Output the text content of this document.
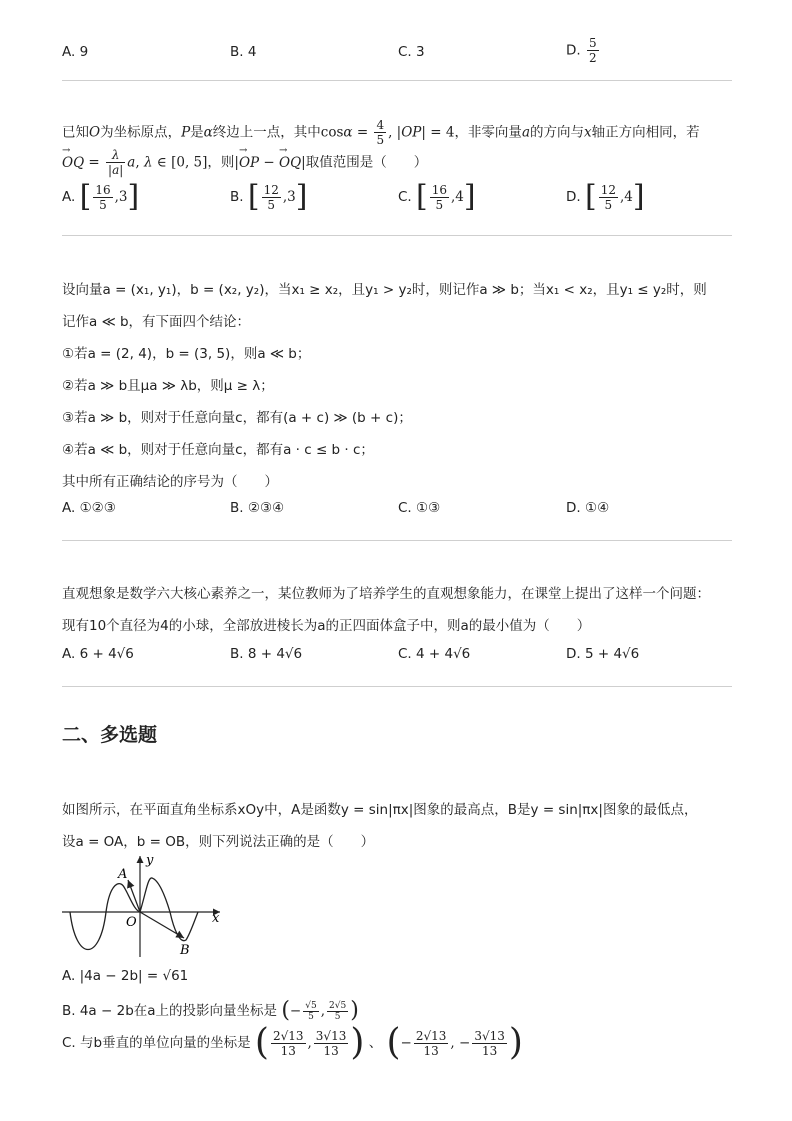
A. 9	B. 4	C. 3	D. $\frac{5}{2}$
已知O为坐标原点，P是α终边上一点，其中$\cos\alpha = \frac{4}{5}$ , |OP| = 4，非零向量a的方向与x轴正方向相同，若
→ OQ = $\frac{\lambda}{|a|} a$, λ ∈ [0, 5]，则|→ OP − → OQ|取值范围是（　　）
A. [ $\frac{16}{5} ,3$]	B. [ $\frac{12}{5} ,3$]	C. [ $\frac{16}{5} ,4$]	D. [ $\frac{12}{5} ,4$]
设向量a = (x₁, y₁)，b = (x₂, y₂)，当x₁ ≥ x₂，且y₁ > y₂时，则记作a ≫ b；当x₁ < x₂，且y₁ ≤ y₂时，则
记作a ≪ b，有下面四个结论：
①若a = (2, 4)，b = (3, 5)，则a ≪ b；
②若a ≫ b且μa ≫ λb，则μ ≥ λ；
③若a ≫ b，则对于任意向量c，都有(a + c) ≫ (b + c)；
④若a ≪ b，则对于任意向量c，都有a · c ≤ b · c；
其中所有正确结论的序号为（　　）
A. ①②③	B. ②③④	C. ①③	D. ①④
直观想象是数学六大核心素养之一，某位教师为了培养学生的直观想象能力，在课堂上提出了这样一个问题：
现有10个直径为4的小球，全部放进棱长为a的正四面体盒子中，则a的最小值为（　　）
A. 6 + 4√6	B. 8 + 4√6	C. 4 + 4√6	D. 5 + 4√6
二、多选题
如图所示，在平面直角坐标系xOy中，A是函数y = sin|πx|图象的最高点，B是y = sin|πx|图象的最低点，
设a = OA，b = OB，则下列说法正确的是（　　）
A
B
O	x
y
A. |4a − 2b| = √61
B. 4a − 2b在a上的投影向量坐标是 (− $\frac{√5}{5}$ , $\frac{2√5}{5}$ )
C. 与b垂直的单位向量的坐标是 ( $\frac{2√13}{13}$ , $\frac{3√13}{13}$ ) 、 (− $\frac{2√13}{13}$ , − $\frac{3√13}{13}$ )
